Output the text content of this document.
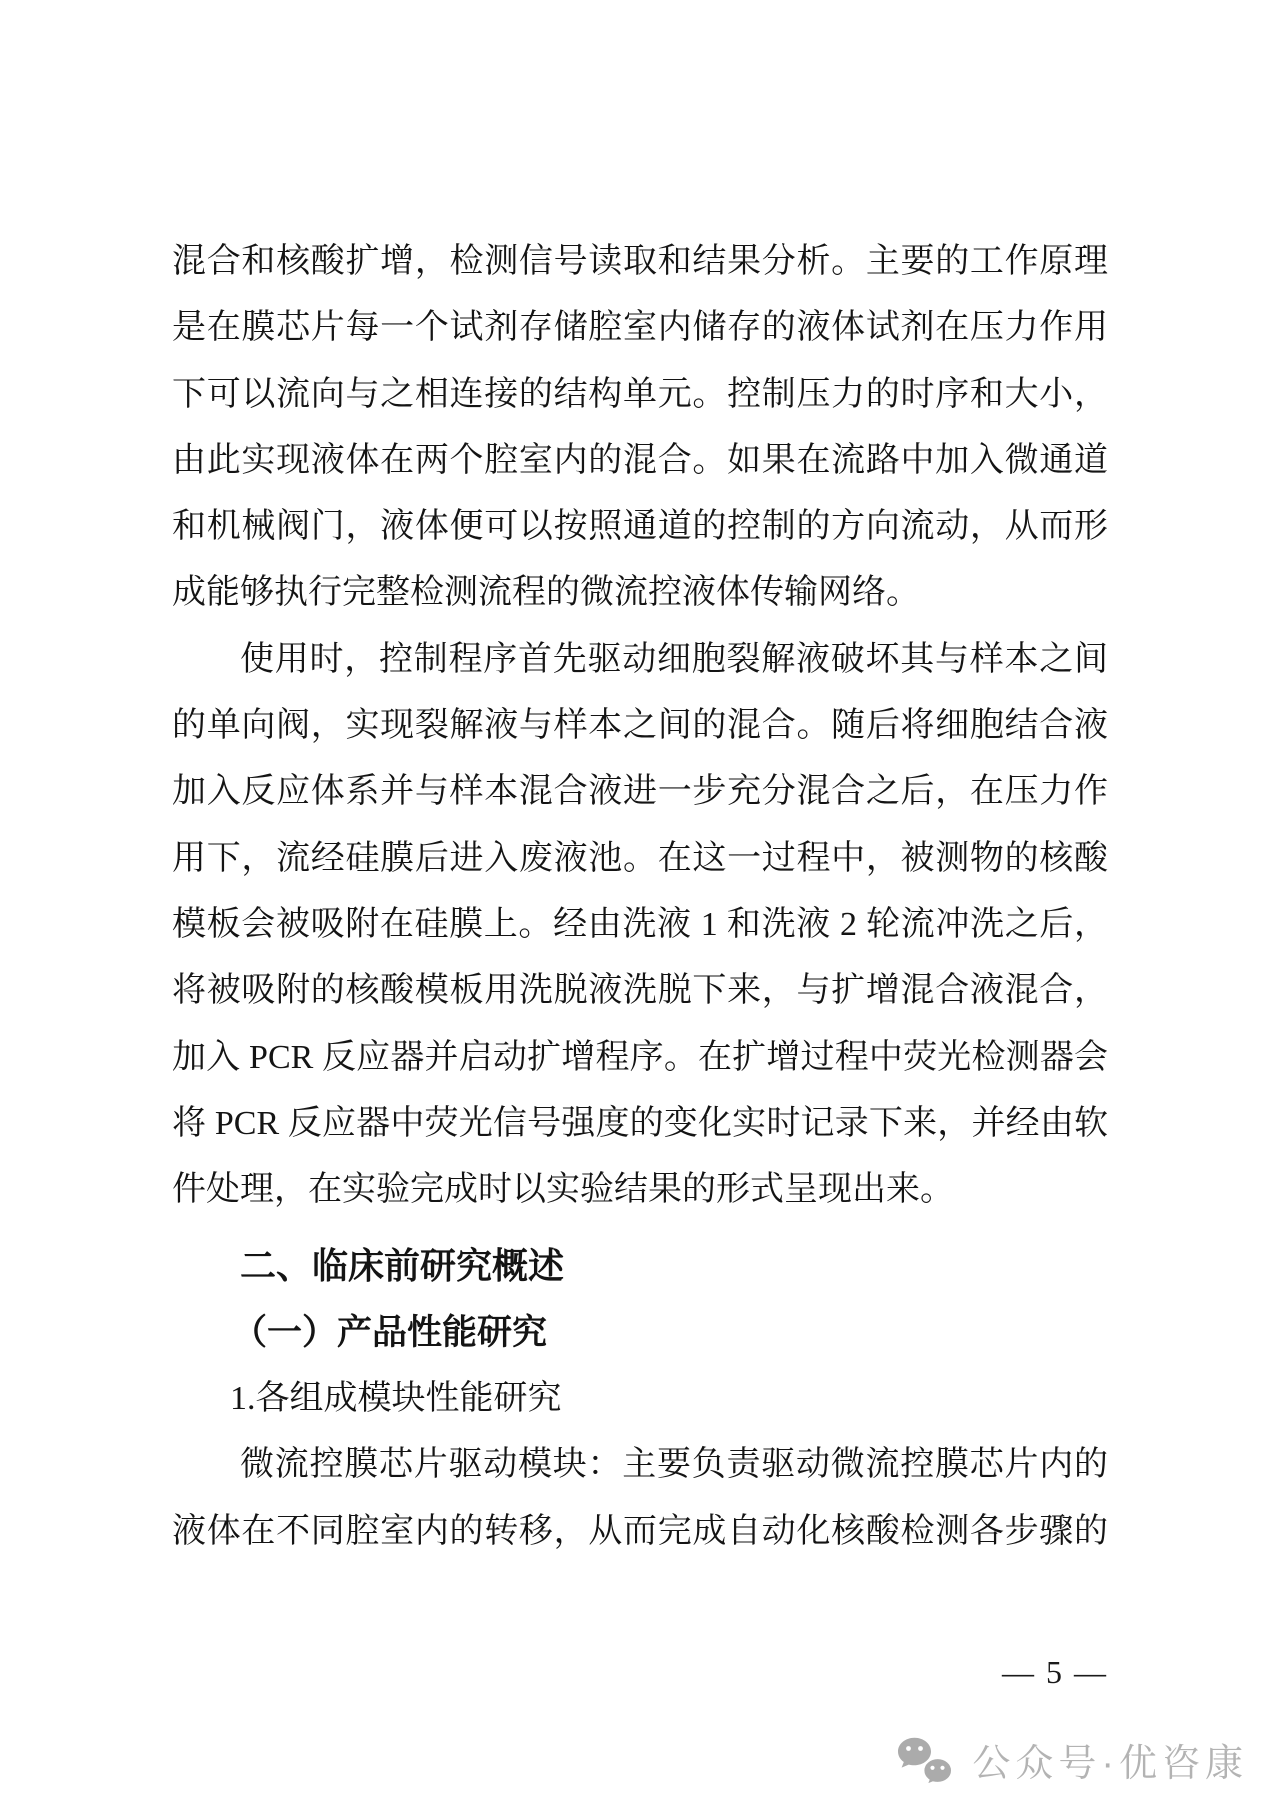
混合和核酸扩增，检测信号读取和结果分析。主要的工作原理
是在膜芯片每一个试剂存储腔室内储存的液体试剂在压力作用
下可以流向与之相连接的结构单元。控制压力的时序和大小，
由此实现液体在两个腔室内的混合。如果在流路中加入微通道
和机械阀门，液体便可以按照通道的控制的方向流动，从而形
成能够执行完整检测流程的微流控液体传输网络。
使用时，控制程序首先驱动细胞裂解液破坏其与样本之间
的单向阀，实现裂解液与样本之间的混合。随后将细胞结合液
加入反应体系并与样本混合液进一步充分混合之后，在压力作
用下，流经硅膜后进入废液池。在这一过程中，被测物的核酸
模板会被吸附在硅膜上。经由洗液 1 和洗液 2 轮流冲洗之后，
将被吸附的核酸模板用洗脱液洗脱下来，与扩增混合液混合，
加入 PCR 反应器并启动扩增程序。在扩增过程中荧光检测器会
将 PCR 反应器中荧光信号强度的变化实时记录下来，并经由软
件处理，在实验完成时以实验结果的形式呈现出来。
二、临床前研究概述
（一）产品性能研究
1.各组成模块性能研究
微流控膜芯片驱动模块：主要负责驱动微流控膜芯片内的
液体在不同腔室内的转移，从而完成自动化核酸检测各步骤的
— 5 —
公众号·优咨康
